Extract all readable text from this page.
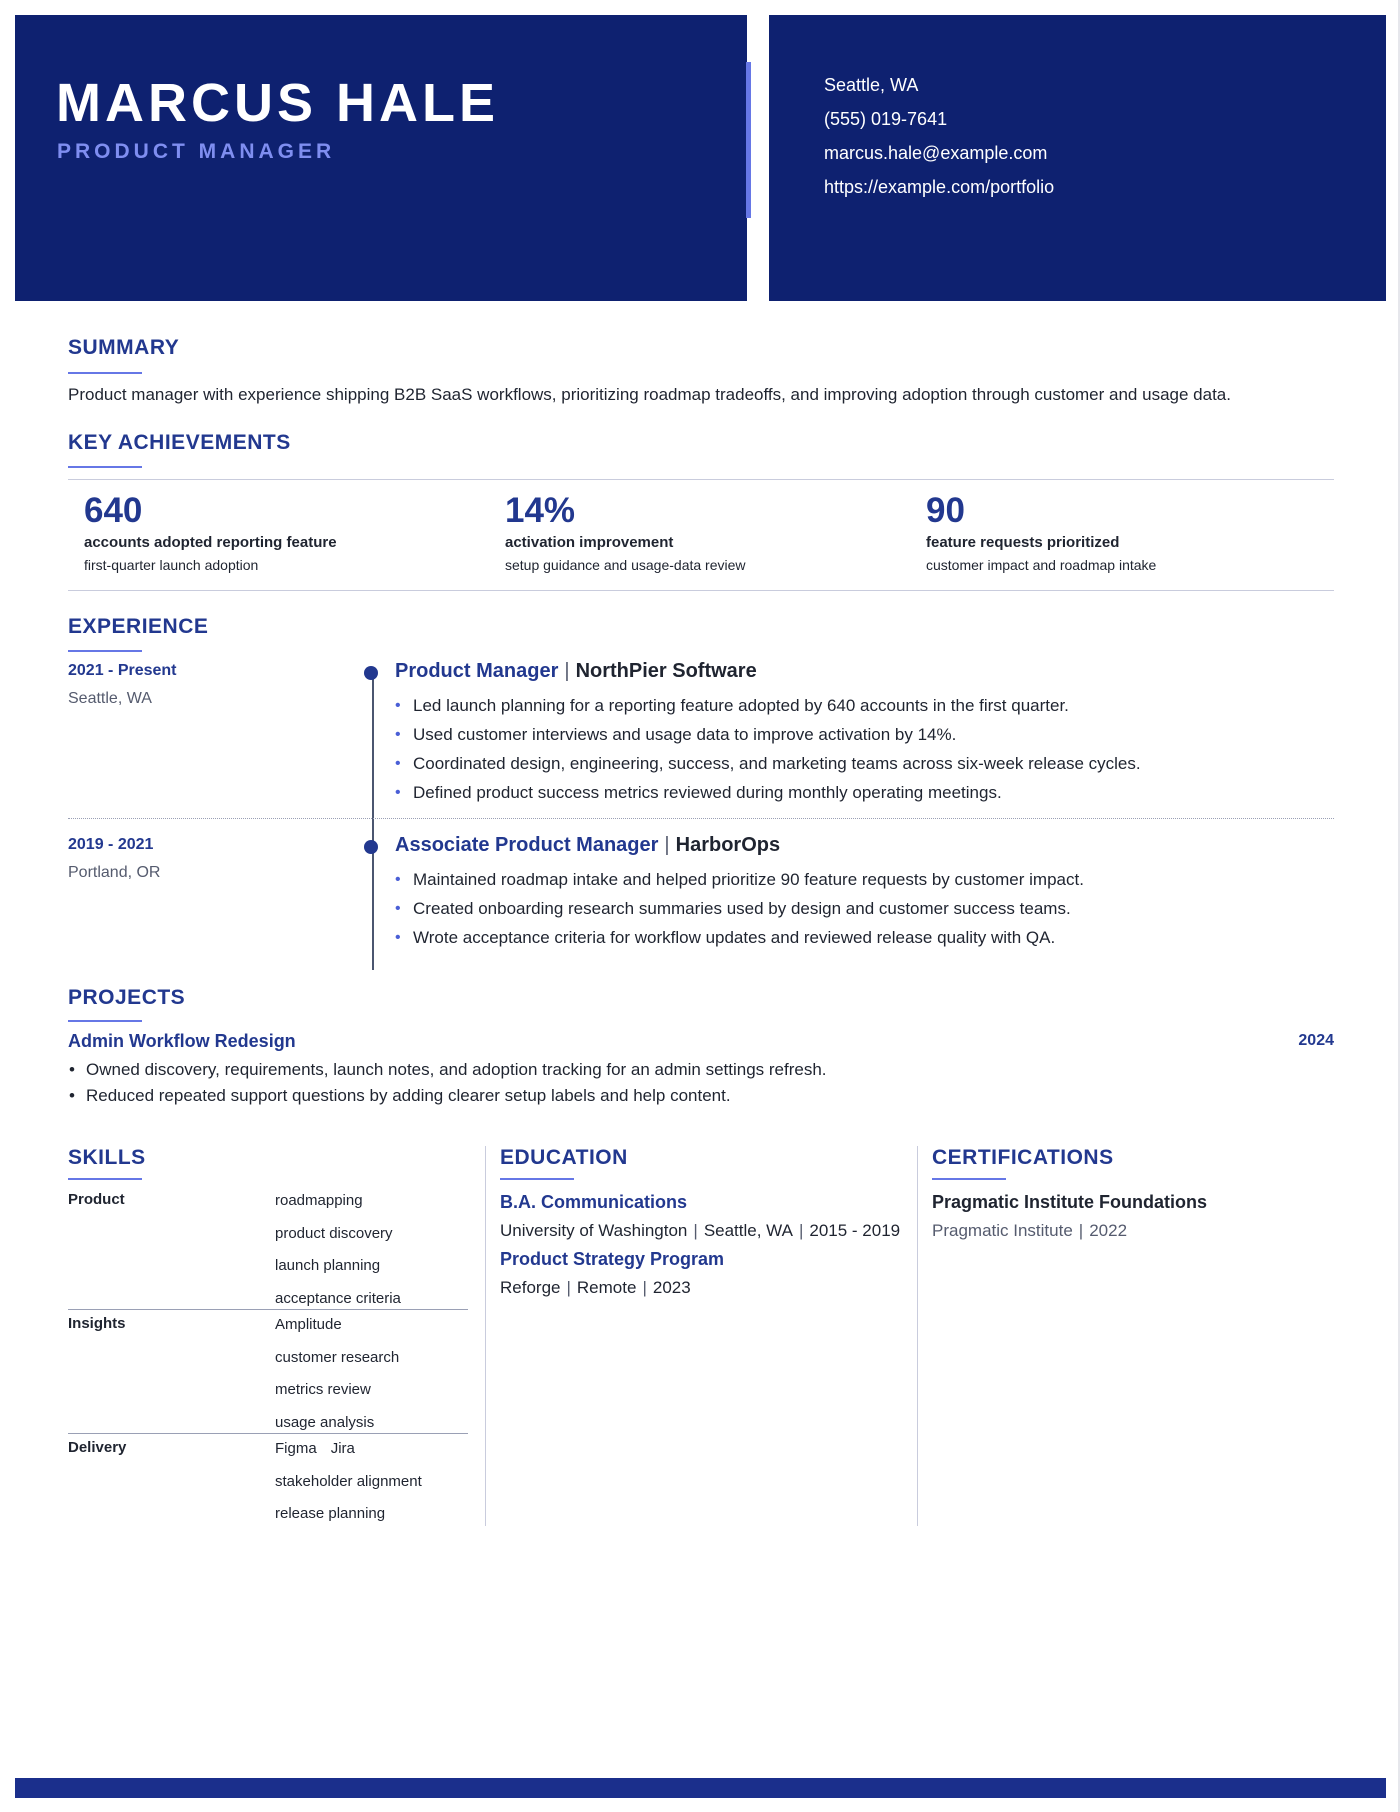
MARCUS HALE
PRODUCT MANAGER
Seattle, WA
(555) 019-7641
marcus.hale@example.com
https://example.com/portfolio
SUMMARY
Product manager with experience shipping B2B SaaS workflows, prioritizing roadmap tradeoffs, and improving adoption through customer and usage data.
KEY ACHIEVEMENTS
640
accounts adopted reporting feature
first-quarter launch adoption
14%
activation improvement
setup guidance and usage-data review
90
feature requests prioritized
customer impact and roadmap intake
EXPERIENCE
2021 - Present
Seattle, WA
Product Manager | NorthPier Software
• Led launch planning for a reporting feature adopted by 640 accounts in the first quarter.
• Used customer interviews and usage data to improve activation by 14%.
• Coordinated design, engineering, success, and marketing teams across six-week release cycles.
• Defined product success metrics reviewed during monthly operating meetings.
2019 - 2021
Portland, OR
Associate Product Manager | HarborOps
• Maintained roadmap intake and helped prioritize 90 feature requests by customer impact.
• Created onboarding research summaries used by design and customer success teams.
• Wrote acceptance criteria for workflow updates and reviewed release quality with QA.
PROJECTS
Admin Workflow Redesign	2024
• Owned discovery, requirements, launch notes, and adoption tracking for an admin settings refresh.
• Reduced repeated support questions by adding clearer setup labels and help content.
SKILLS
Product	roadmapping
product discovery
launch planning
acceptance criteria
Insights	Amplitude
customer research
metrics review
usage analysis
Delivery	Figma Jira
stakeholder alignment
release planning
EDUCATION
B.A. Communications
University of Washington | Seattle, WA | 2015 - 2019
Product Strategy Program
Reforge | Remote | 2023
CERTIFICATIONS
Pragmatic Institute Foundations
Pragmatic Institute | 2022
